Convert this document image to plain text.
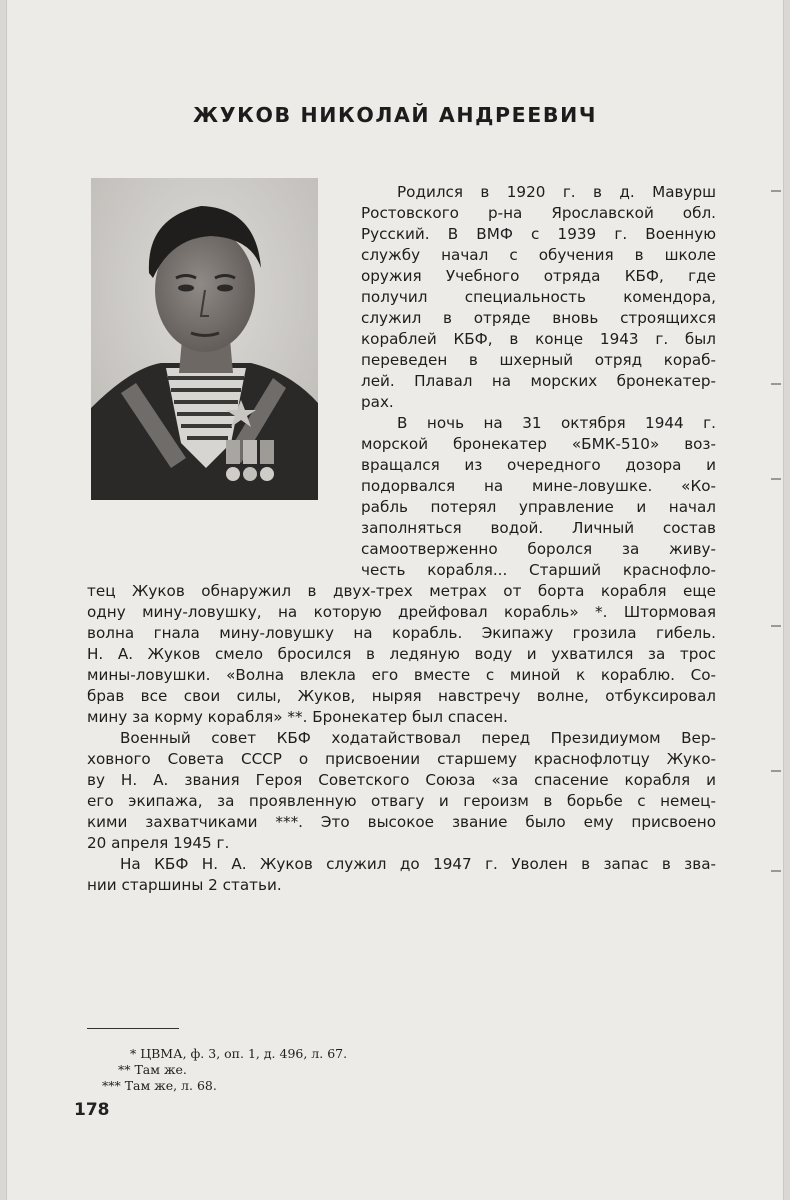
ЖУКОВ НИКОЛАЙ АНДРЕЕВИЧ
Родился в 1920 г. в д. Мавурш
Ростовского р-на Ярославской обл.
Русский. В ВМФ с 1939 г. Военную
службу начал с обучения в школе
оружия Учебного отряда КБФ, где
получил специальность комендора,
служил в отряде вновь строящихся
кораблей КБФ, в конце 1943 г. был
переведен в шхерный отряд кораб-
лей. Плавал на морских бронекатер-
рах.
В ночь на 31 октября 1944 г.
морской бронекатер «БМК-510» воз-
вращался из очередного дозора и
подорвался на мине-ловушке. «Ко-
рабль потерял управление и начал
заполняться водой. Личный состав
самоотверженно боролся за живу-
честь корабля... Старший краснофло-
тец Жуков обнаружил в двух-трех метрах от борта корабля еще
одну мину-ловушку, на которую дрейфовал корабль» *. Штормовая
волна гнала мину-ловушку на корабль. Экипажу грозила гибель.
Н. А. Жуков смело бросился в ледяную воду и ухватился за трос
мины-ловушки. «Волна влекла его вместе с миной к кораблю. Со-
брав все свои силы, Жуков, ныряя навстречу волне, отбуксировал
мину за корму корабля» **. Бронекатер был спасен.
Военный совет КБФ ходатайствовал перед Президиумом Вер-
ховного Совета СССР о присвоении старшему краснофлотцу Жуко-
ву Н. А. звания Героя Советского Союза «за спасение корабля и
его экипажа, за проявленную отвагу и героизм в борьбе с немец-
кими захватчиками ***. Это высокое звание было ему присвоено
20 апреля 1945 г.
На КБФ Н. А. Жуков служил до 1947 г. Уволен в запас в зва-
нии старшины 2 статьи.
* ЦВМА, ф. 3, оп. 1, д. 496, л. 67.
** Там же.
*** Там же, л. 68.
178
